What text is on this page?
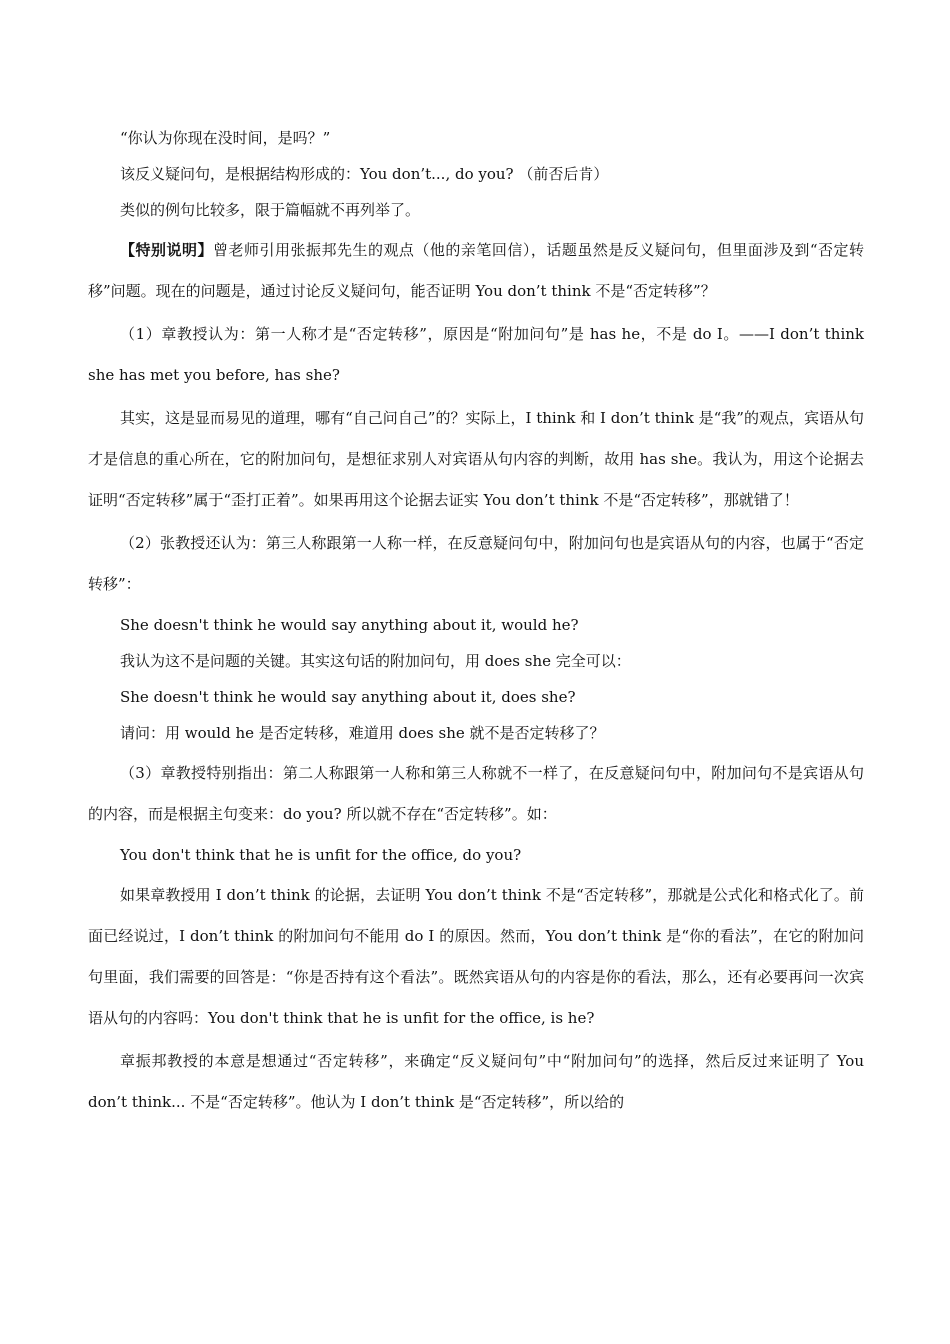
“你认为你现在没时间，是吗？”

该反义疑问句，是根据结构形成的：You don’t..., do you? （前否后肯）

类似的例句比较多，限于篇幅就不再列举了。

【特别说明】曾老师引用张振邦先生的观点（他的亲笔回信），话题虽然是反义疑问句，但里面涉及到“否定转移”问题。现在的问题是，通过讨论反义疑问句，能否证明 You don’t think 不是“否定转移”？

（1）章教授认为：第一人称才是“否定转移”，原因是“附加问句”是 has he，不是 do I。——I don’t think she has met you before, has she?

其实，这是显而易见的道理，哪有“自己问自己”的？实际上，I think 和 I don’t think 是“我”的观点，宾语从句才是信息的重心所在，它的附加问句，是想征求别人对宾语从句内容的判断，故用 has she。我认为，用这个论据去证明“否定转移”属于“歪打正着”。如果再用这个论据去证实 You don’t think 不是“否定转移”，那就错了！

（2）张教授还认为：第三人称跟第一人称一样，在反意疑问句中，附加问句也是宾语从句的内容，也属于“否定转移”：

She doesn't think he would say anything about it, would he?

我认为这不是问题的关键。其实这句话的附加问句，用 does she 完全可以：

She doesn't think he would say anything about it, does she?

请问：用 would he 是否定转移，难道用 does she 就不是否定转移了？

（3）章教授特别指出：第二人称跟第一人称和第三人称就不一样了，在反意疑问句中，附加问句不是宾语从句的内容，而是根据主句变来：do you? 所以就不存在“否定转移”。如：

You don't think that he is unfit for the office, do you?

如果章教授用 I don’t think 的论据，去证明 You don’t think 不是“否定转移”，那就是公式化和格式化了。前面已经说过，I don’t think 的附加问句不能用 do I 的原因。然而，You don’t think 是“你的看法”，在它的附加问句里面，我们需要的回答是：“你是否持有这个看法”。既然宾语从句的内容是你的看法，那么，还有必要再问一次宾语从句的内容吗：You don't think that he is unfit for the office, is he?

章振邦教授的本意是想通过“否定转移”，来确定“反义疑问句”中“附加问句”的选择，然后反过来证明了 You don’t think... 不是“否定转移”。他认为 I don’t think 是“否定转移”，所以给的
